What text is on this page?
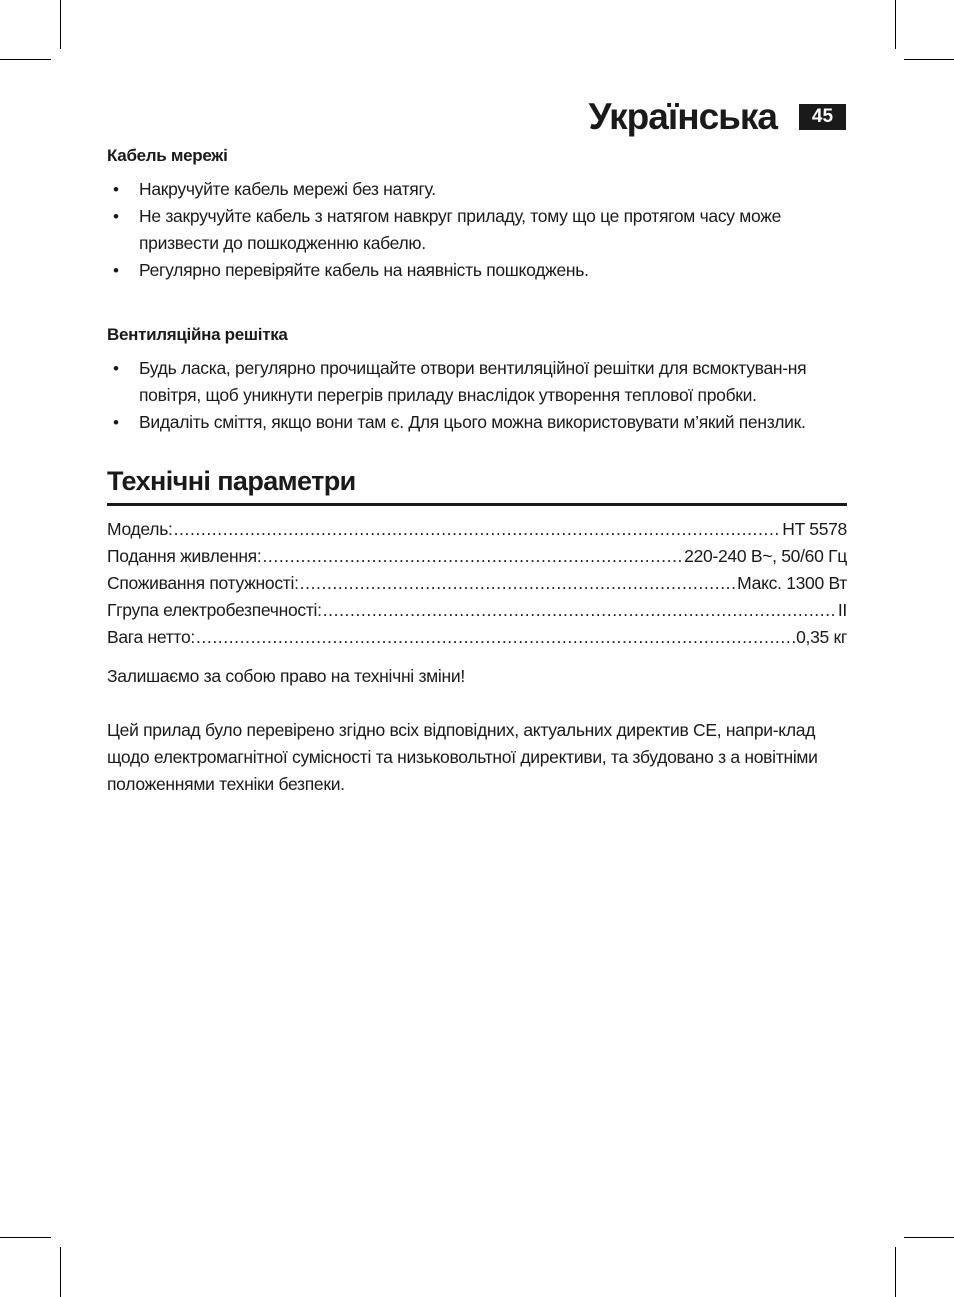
Українська	45
Кабель мережі
• Накручуйте кабель мережі без натягу.
• Не закручуйте кабель з натягом навкруг приладу, тому що це протягом часу може призвести до пошкодженню кабелю.
• Регулярно перевіряйте кабель на наявність пошкоджень.
Вентиляційна решітка
• Будь ласка, регулярно прочищайте отвори вентиляційної решітки для всмоктуван-ня повітря, щоб уникнути перегрів приладу внаслідок утворення теплової пробки.
• Видаліть сміття, якщо вони там є. Для цього можна використовувати м’який пензлик.
Технічні параметри
Модель: .....	HT 5578
Подання живлення: .....	220-240 В~, 50/60 Гц
Споживання потужності: .....	Макс. 1300 Вт
Ггрупа електробезпечності: .....	II
Вага нетто: .....	0,35 кг

Залишаємо за собою право на технічні зміни!

Цей прилад було перевірено згідно всіх відповідних, актуальних директив СЕ, напри-клад щодо електромагнітної сумісності та низьковольтної директиви, та збудовано з а новітніми положеннями техніки безпеки.
